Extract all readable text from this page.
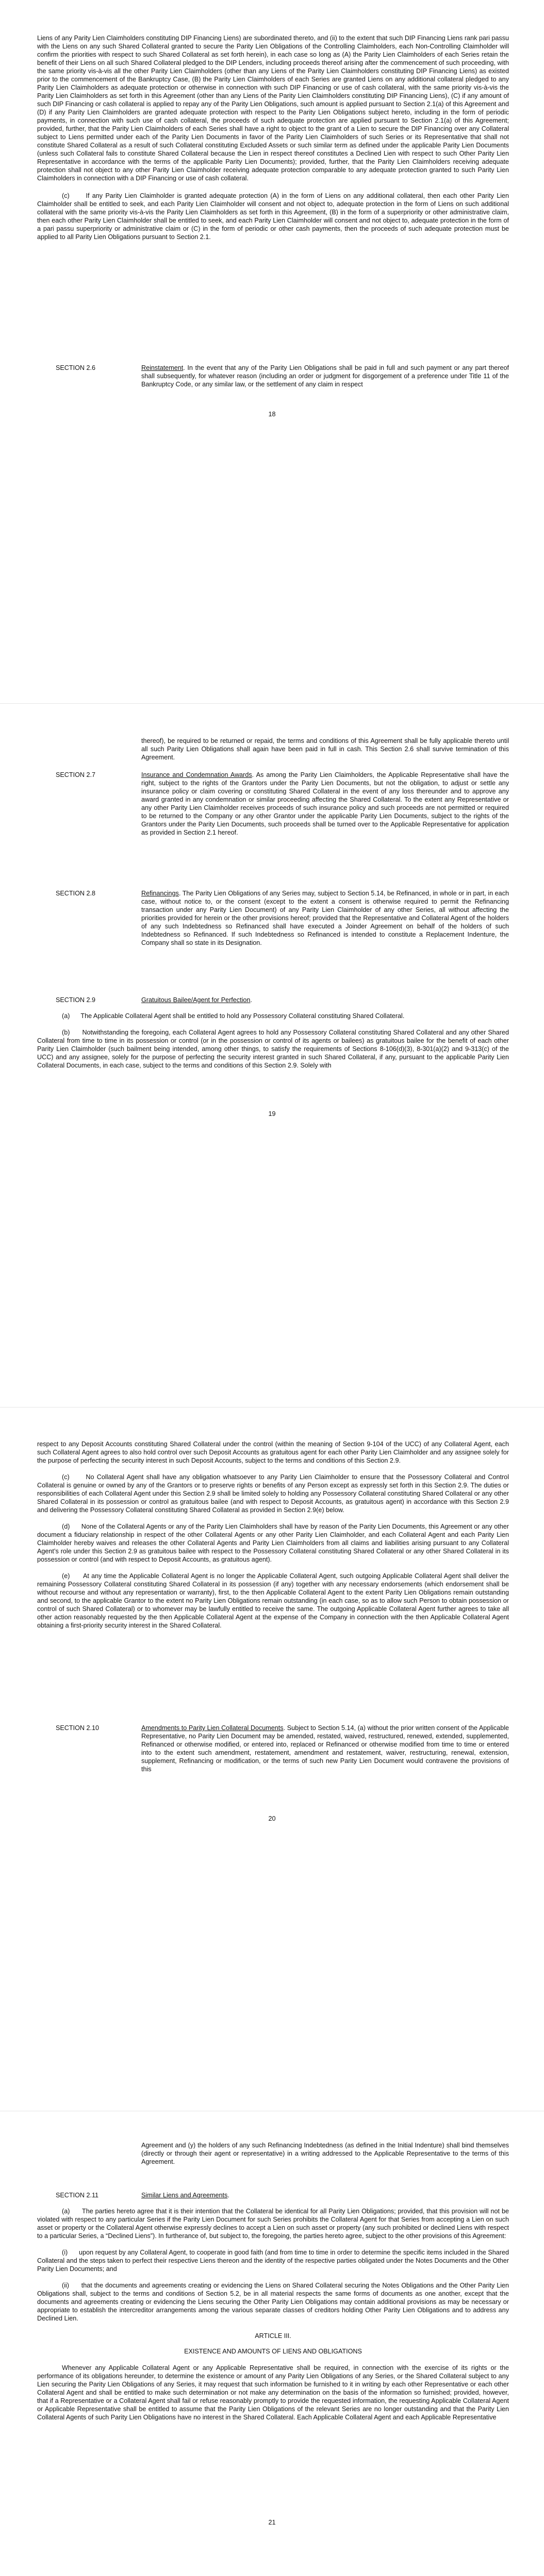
Liens of any Parity Lien Claimholders constituting DIP Financing Liens) are subordinated thereto, and (ii) to the extent that such DIP Financing Liens rank pari passu with the Liens on any such Shared Collateral granted to secure the Parity Lien Obligations of the Controlling Claimholders, each Non-Controlling Claimholder will confirm the priorities with respect to such Shared Collateral as set forth herein), in each case so long as (A) the Parity Lien Claimholders of each Series retain the benefit of their Liens on all such Shared Collateral pledged to the DIP Lenders, including proceeds thereof arising after the commencement of such proceeding, with the same priority vis-à-vis all the other Parity Lien Claimholders (other than any Liens of the Parity Lien Claimholders constituting DIP Financing Liens) as existed prior to the commencement of the Bankruptcy Case, (B) the Parity Lien Claimholders of each Series are granted Liens on any additional collateral pledged to any Parity Lien Claimholders as adequate protection or otherwise in connection with such DIP Financing or use of cash collateral, with the same priority vis-à-vis the Parity Lien Claimholders as set forth in this Agreement (other than any Liens of the Parity Lien Claimholders constituting DIP Financing Liens), (C) if any amount of such DIP Financing or cash collateral is applied to repay any of the Parity Lien Obligations, such amount is applied pursuant to Section 2.1(a) of this Agreement and (D) if any Parity Lien Claimholders are granted adequate protection with respect to the Parity Lien Obligations subject hereto, including in the form of periodic payments, in connection with such use of cash collateral, the proceeds of such adequate protection are applied pursuant to Section 2.1(a) of this Agreement; provided, further, that the Parity Lien Claimholders of each Series shall have a right to object to the grant of a Lien to secure the DIP Financing over any Collateral subject to Liens permitted under each of the Parity Lien Documents in favor of the Parity Lien Claimholders of such Series or its Representative that shall not constitute Shared Collateral as a result of such Collateral constituting Excluded Assets or such similar term as defined under the applicable Parity Lien Documents (unless such Collateral fails to constitute Shared Collateral because the Lien in respect thereof constitutes a Declined Lien with respect to such Other Parity Lien Representative in accordance with the terms of the applicable Parity Lien Documents); provided, further, that the Parity Lien Claimholders receiving adequate protection shall not object to any other Parity Lien Claimholder receiving adequate protection comparable to any adequate protection granted to such Parity Lien Claimholders in connection with a DIP Financing or use of cash collateral.

(c)      If any Parity Lien Claimholder is granted adequate protection (A) in the form of Liens on any additional collateral, then each other Parity Lien Claimholder shall be entitled to seek, and each Parity Lien Claimholder will consent and not object to, adequate protection in the form of Liens on such additional collateral with the same priority vis-à-vis the Parity Lien Claimholders as set forth in this Agreement, (B) in the form of a superpriority or other administrative claim, then each other Parity Lien Claimholder shall be entitled to seek, and each Parity Lien Claimholder will consent and not object to, adequate protection in the form of a pari passu superpriority or administrative claim or (C) in the form of periodic or other cash payments, then the proceeds of such adequate protection must be applied to all Parity Lien Obligations pursuant to Section 2.1.

SECTION 2.6	Reinstatement. In the event that any of the Parity Lien Obligations shall be paid in full and such payment or any part thereof shall subsequently, for whatever reason (including an order or judgment for disgorgement of a preference under Title 11 of the Bankruptcy Code, or any similar law, or the settlement of any claim in respect
18
thereof), be required to be returned or repaid, the terms and conditions of this Agreement shall be fully applicable thereto until all such Parity Lien Obligations shall again have been paid in full in cash. This Section 2.6 shall survive termination of this Agreement.
SECTION 2.7	Insurance and Condemnation Awards. As among the Parity Lien Claimholders, the Applicable Representative shall have the right, subject to the rights of the Grantors under the Parity Lien Documents, but not the obligation, to adjust or settle any insurance policy or claim covering or constituting Shared Collateral in the event of any loss thereunder and to approve any award granted in any condemnation or similar proceeding affecting the Shared Collateral. To the extent any Representative or any other Parity Lien Claimholder receives proceeds of such insurance policy and such proceeds are not permitted or required to be returned to the Company or any other Grantor under the applicable Parity Lien Documents, subject to the rights of the Grantors under the Parity Lien Documents, such proceeds shall be turned over to the Applicable Representative for application as provided in Section 2.1 hereof.
SECTION 2.8	Refinancings. The Parity Lien Obligations of any Series may, subject to Section 5.14, be Refinanced, in whole or in part, in each case, without notice to, or the consent (except to the extent a consent is otherwise required to permit the Refinancing transaction under any Parity Lien Document) of any Parity Lien Claimholder of any other Series, all without affecting the priorities provided for herein or the other provisions hereof; provided that the Representative and Collateral Agent of the holders of any such Indebtedness so Refinanced shall have executed a Joinder Agreement on behalf of the holders of such Indebtedness so Refinanced. If such Indebtedness so Refinanced is intended to constitute a Replacement Indenture, the Company shall so state in its Designation.
SECTION 2.9	Gratuitous Bailee/Agent for Perfection.

(a)      The Applicable Collateral Agent shall be entitled to hold any Possessory Collateral constituting Shared Collateral.

(b)      Notwithstanding the foregoing, each Collateral Agent agrees to hold any Possessory Collateral constituting Shared Collateral and any other Shared Collateral from time to time in its possession or control (or in the possession or control of its agents or bailees) as gratuitous bailee for the benefit of each other Parity Lien Claimholder (such bailment being intended, among other things, to satisfy the requirements of Sections 8-106(d)(3), 8-301(a)(2) and 9-313(c) of the UCC) and any assignee, solely for the purpose of perfecting the security interest granted in such Shared Collateral, if any, pursuant to the applicable Parity Lien Collateral Documents, in each case, subject to the terms and conditions of this Section 2.9. Solely with

19

respect to any Deposit Accounts constituting Shared Collateral under the control (within the meaning of Section 9-104 of the UCC) of any Collateral Agent, each such Collateral Agent agrees to also hold control over such Deposit Accounts as gratuitous agent for each other Parity Lien Claimholder and any assignee solely for the purpose of perfecting the security interest in such Deposit Accounts, subject to the terms and conditions of this Section 2.9.

(c)      No Collateral Agent shall have any obligation whatsoever to any Parity Lien Claimholder to ensure that the Possessory Collateral and Control Collateral is genuine or owned by any of the Grantors or to preserve rights or benefits of any Person except as expressly set forth in this Section 2.9. The duties or responsibilities of each Collateral Agent under this Section 2.9 shall be limited solely to holding any Possessory Collateral constituting Shared Collateral or any other Shared Collateral in its possession or control as gratuitous bailee (and with respect to Deposit Accounts, as gratuitous agent) in accordance with this Section 2.9 and delivering the Possessory Collateral constituting Shared Collateral as provided in Section 2.9(e) below.

(d)      None of the Collateral Agents or any of the Parity Lien Claimholders shall have by reason of the Parity Lien Documents, this Agreement or any other document a fiduciary relationship in respect of the other Collateral Agents or any other Parity Lien Claimholder, and each Collateral Agent and each Parity Lien Claimholder hereby waives and releases the other Collateral Agents and Parity Lien Claimholders from all claims and liabilities arising pursuant to any Collateral Agent’s role under this Section 2.9 as gratuitous bailee with respect to the Possessory Collateral constituting Shared Collateral or any other Shared Collateral in its possession or control (and with respect to Deposit Accounts, as gratuitous agent).

(e)      At any time the Applicable Collateral Agent is no longer the Applicable Collateral Agent, such outgoing Applicable Collateral Agent shall deliver the remaining Possessory Collateral constituting Shared Collateral in its possession (if any) together with any necessary endorsements (which endorsement shall be without recourse and without any representation or warranty), first, to the then Applicable Collateral Agent to the extent Parity Lien Obligations remain outstanding and second, to the applicable Grantor to the extent no Parity Lien Obligations remain outstanding (in each case, so as to allow such Person to obtain possession or control of such Shared Collateral) or to whomever may be lawfully entitled to receive the same. The outgoing Applicable Collateral Agent further agrees to take all other action reasonably requested by the then Applicable Collateral Agent at the expense of the Company in connection with the then Applicable Collateral Agent obtaining a first-priority security interest in the Shared Collateral.

SECTION 2.10	Amendments to Parity Lien Collateral Documents. Subject to Section 5.14, (a) without the prior written consent of the Applicable Representative, no Parity Lien Document may be amended, restated, waived, restructured, renewed, extended, supplemented, Refinanced or otherwise modified, or entered into, replaced or Refinanced or otherwise modified from time to time or entered into to the extent such amendment, restatement, amendment and restatement, waiver, restructuring, renewal, extension, supplement, Refinancing or modification, or the terms of such new Parity Lien Document would contravene the provisions of this
20
Agreement and (y) the holders of any such Refinancing Indebtedness (as defined in the Initial Indenture) shall bind themselves (directly or through their agent or representative) in a writing addressed to the Applicable Representative to the terms of this Agreement.
SECTION 2.11	Similar Liens and Agreements.

(a)      The parties hereto agree that it is their intention that the Collateral be identical for all Parity Lien Obligations; provided, that this provision will not be violated with respect to any particular Series if the Parity Lien Document for such Series prohibits the Collateral Agent for that Series from accepting a Lien on such asset or property or the Collateral Agent otherwise expressly declines to accept a Lien on such asset or property (any such prohibited or declined Liens with respect to a particular Series, a “Declined Liens”). In furtherance of, but subject to, the foregoing, the parties hereto agree, subject to the other provisions of this Agreement:

(i)      upon request by any Collateral Agent, to cooperate in good faith (and from time to time in order to determine the specific items included in the Shared Collateral and the steps taken to perfect their respective Liens thereon and the identity of the respective parties obligated under the Notes Documents and the Other Parity Lien Documents; and

(ii)      that the documents and agreements creating or evidencing the Liens on Shared Collateral securing the Notes Obligations and the Other Parity Lien Obligations shall, subject to the terms and conditions of Section 5.2, be in all material respects the same forms of documents as one another, except that the documents and agreements creating or evidencing the Liens securing the Other Parity Lien Obligations may contain additional provisions as may be necessary or appropriate to establish the intercreditor arrangements among the various separate classes of creditors holding Other Parity Lien Obligations and to address any Declined Lien.

ARTICLE III.

EXISTENCE AND AMOUNTS OF LIENS AND OBLIGATIONS

Whenever any Applicable Collateral Agent or any Applicable Representative shall be required, in connection with the exercise of its rights or the performance of its obligations hereunder, to determine the existence or amount of any Parity Lien Obligations of any Series, or the Shared Collateral subject to any Lien securing the Parity Lien Obligations of any Series, it may request that such information be furnished to it in writing by each other Representative or each other Collateral Agent and shall be entitled to make such determination or not make any determination on the basis of the information so furnished; provided, however, that if a Representative or a Collateral Agent shall fail or refuse reasonably promptly to provide the requested information, the requesting Applicable Collateral Agent or Applicable Representative shall be entitled to assume that the Parity Lien Obligations of the relevant Series are no longer outstanding and that the Parity Lien Collateral Agents of such Parity Lien Obligations have no interest in the Shared Collateral. Each Applicable Collateral Agent and each Applicable Representative

21
